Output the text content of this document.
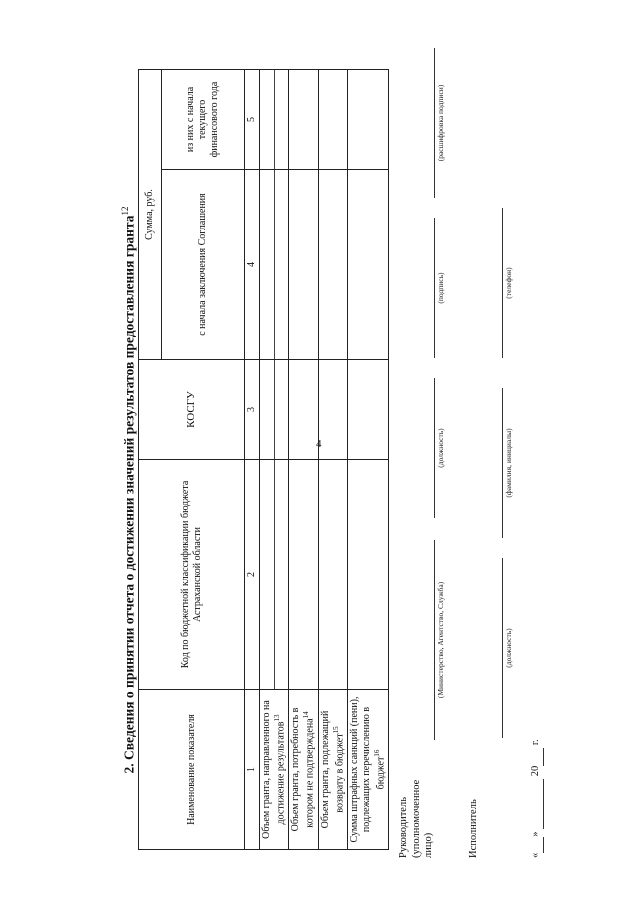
4
2. Сведения о принятии отчета о достижении значений результатов предоставления гранта$^{12}$
Наименование показателя	Код по бюджетной классификации бюджета Астраханской области	КОСГУ	Сумма, руб.	
			с начала заключения Соглашения	из них с начала текущего финансового года
1	2	3	4	5
Объем гранта, направленного на достижение результатов$^{13}$	

Объем гранта, потребность в котором не подтверждена$^{14}$				
Объем гранта, подлежащий возврату в бюджет$^{15}$				
Сумма штрафных санкций (пени), подлежащих перечислению в бюджет$^{16}$				
Руководитель (уполномоченное лицо)
(Министерство, Агентство, Служба)
(должность)
(подпись)
(расшифровка подписи)
Исполнитель
(должность)
(фамилия, инициалы)
(телефон)
« »   20  г.
